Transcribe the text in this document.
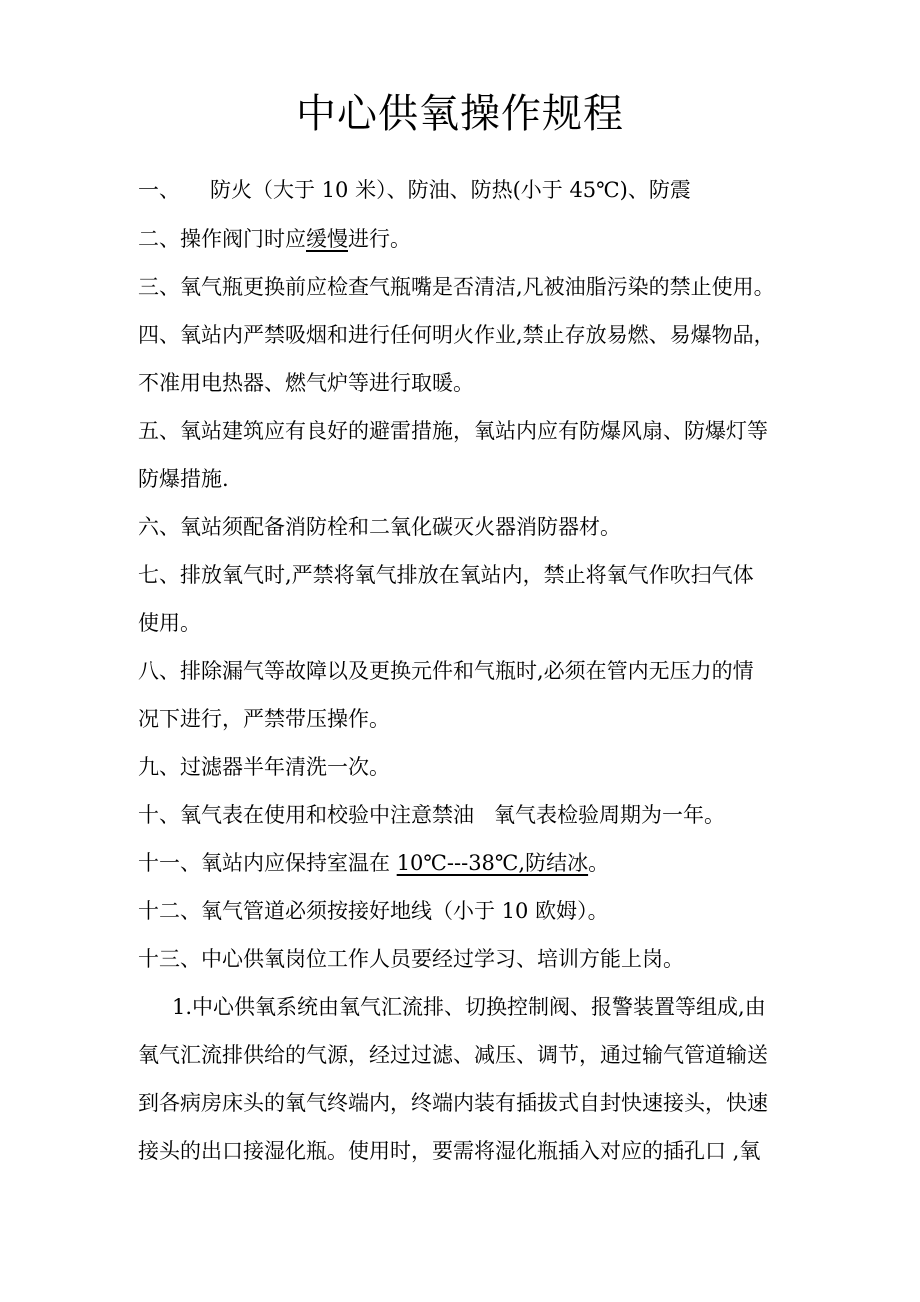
中心供氧操作规程

一、 防火（大于 10 米）、防油、防热(小于 45℃)、防震

二、操作阀门时应缓慢进行。

三、氧气瓶更换前应检查气瓶嘴是否清洁,凡被油脂污染的禁止使用。

四、氧站内严禁吸烟和进行任何明火作业,禁止存放易燃、易爆物品，

不准用电热器、燃气炉等进行取暖。

五、氧站建筑应有良好的避雷措施，氧站内应有防爆风扇、防爆灯等

防爆措施.

六、氧站须配备消防栓和二氧化碳灭火器消防器材。

七、排放氧气时,严禁将氧气排放在氧站内，禁止将氧气作吹扫气体

使用。

八、排除漏气等故障以及更换元件和气瓶时,必须在管内无压力的情

况下进行，严禁带压操作。

九、过滤器半年清洗一次。

十、氧气表在使用和校验中注意禁油 氧气表检验周期为一年。

十一、氧站内应保持室温在 10℃---38℃,防结冰。

十二、氧气管道必须按接好地线（小于 10 欧姆）。

十三、中心供氧岗位工作人员要经过学习、培训方能上岗。

1.中心供氧系统由氧气汇流排、切换控制阀、报警装置等组成,由

氧气汇流排供给的气源，经过过滤、减压、调节，通过输气管道输送

到各病房床头的氧气终端内，终端内装有插拔式自封快速接头，快速

接头的出口接湿化瓶。使用时，要需将湿化瓶插入对应的插孔口 ,氧
